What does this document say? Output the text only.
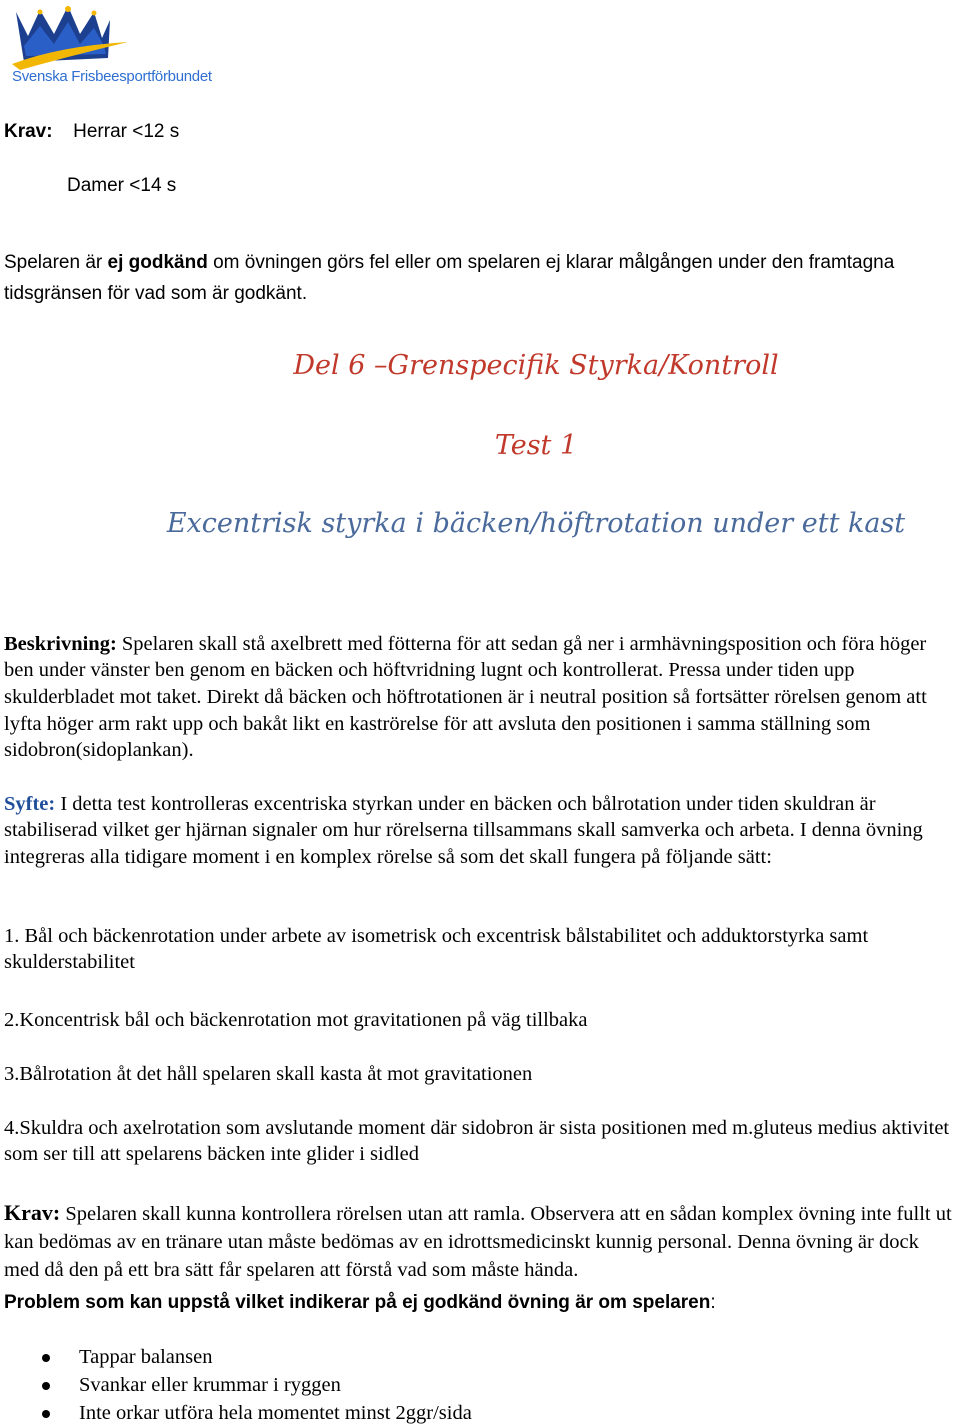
Svenska Frisbeesportförbundet
Krav: Herrar <12 s
Damer <14 s

Spelaren är ej godkänd om övningen görs fel eller om spelaren ej klarar målgången under den framtagna tidsgränsen för vad som är godkänt.

Del 6 –Grenspecifik Styrka/Kontroll
Test 1
Excentrisk styrka i bäcken/höftrotation under ett kast

Beskrivning: Spelaren skall stå axelbrett med fötterna för att sedan gå ner i armhävningsposition och föra höger ben under vänster ben genom en bäcken och höftvridning lugnt och kontrollerat. Pressa under tiden upp skulderbladet mot taket. Direkt då bäcken och höftrotationen är i neutral position så fortsätter rörelsen genom att lyfta höger arm rakt upp och bakåt likt en kaströrelse för att avsluta den positionen i samma ställning som sidobron(sidoplankan).

Syfte: I detta test kontrolleras excentriska styrkan under en bäcken och bålrotation under tiden skuldran är stabiliserad vilket ger hjärnan signaler om hur rörelserna tillsammans skall samverka och arbeta. I denna övning integreras alla tidigare moment i en komplex rörelse så som det skall fungera på följande sätt:

1. Bål och bäckenrotation under arbete av isometrisk och excentrisk bålstabilitet och adduktorstyrka samt skulderstabilitet

2.Koncentrisk bål och bäckenrotation mot gravitationen på väg tillbaka

3.Bålrotation åt det håll spelaren skall kasta åt mot gravitationen

4.Skuldra och axelrotation som avslutande moment där sidobron är sista positionen med m.gluteus medius aktivitet som ser till att spelarens bäcken inte glider i sidled

Krav: Spelaren skall kunna kontrollera rörelsen utan att ramla. Observera att en sådan komplex övning inte fullt ut kan bedömas av en tränare utan måste bedömas av en idrottsmedicinskt kunnig personal. Denna övning är dock med då den på ett bra sätt får spelaren att förstå vad som måste hända.

Problem som kan uppstå vilket indikerar på ej godkänd övning är om spelaren:
Tappar balansen
Svankar eller krummar i ryggen
Inte orkar utföra hela momentet minst 2ggr/sida
